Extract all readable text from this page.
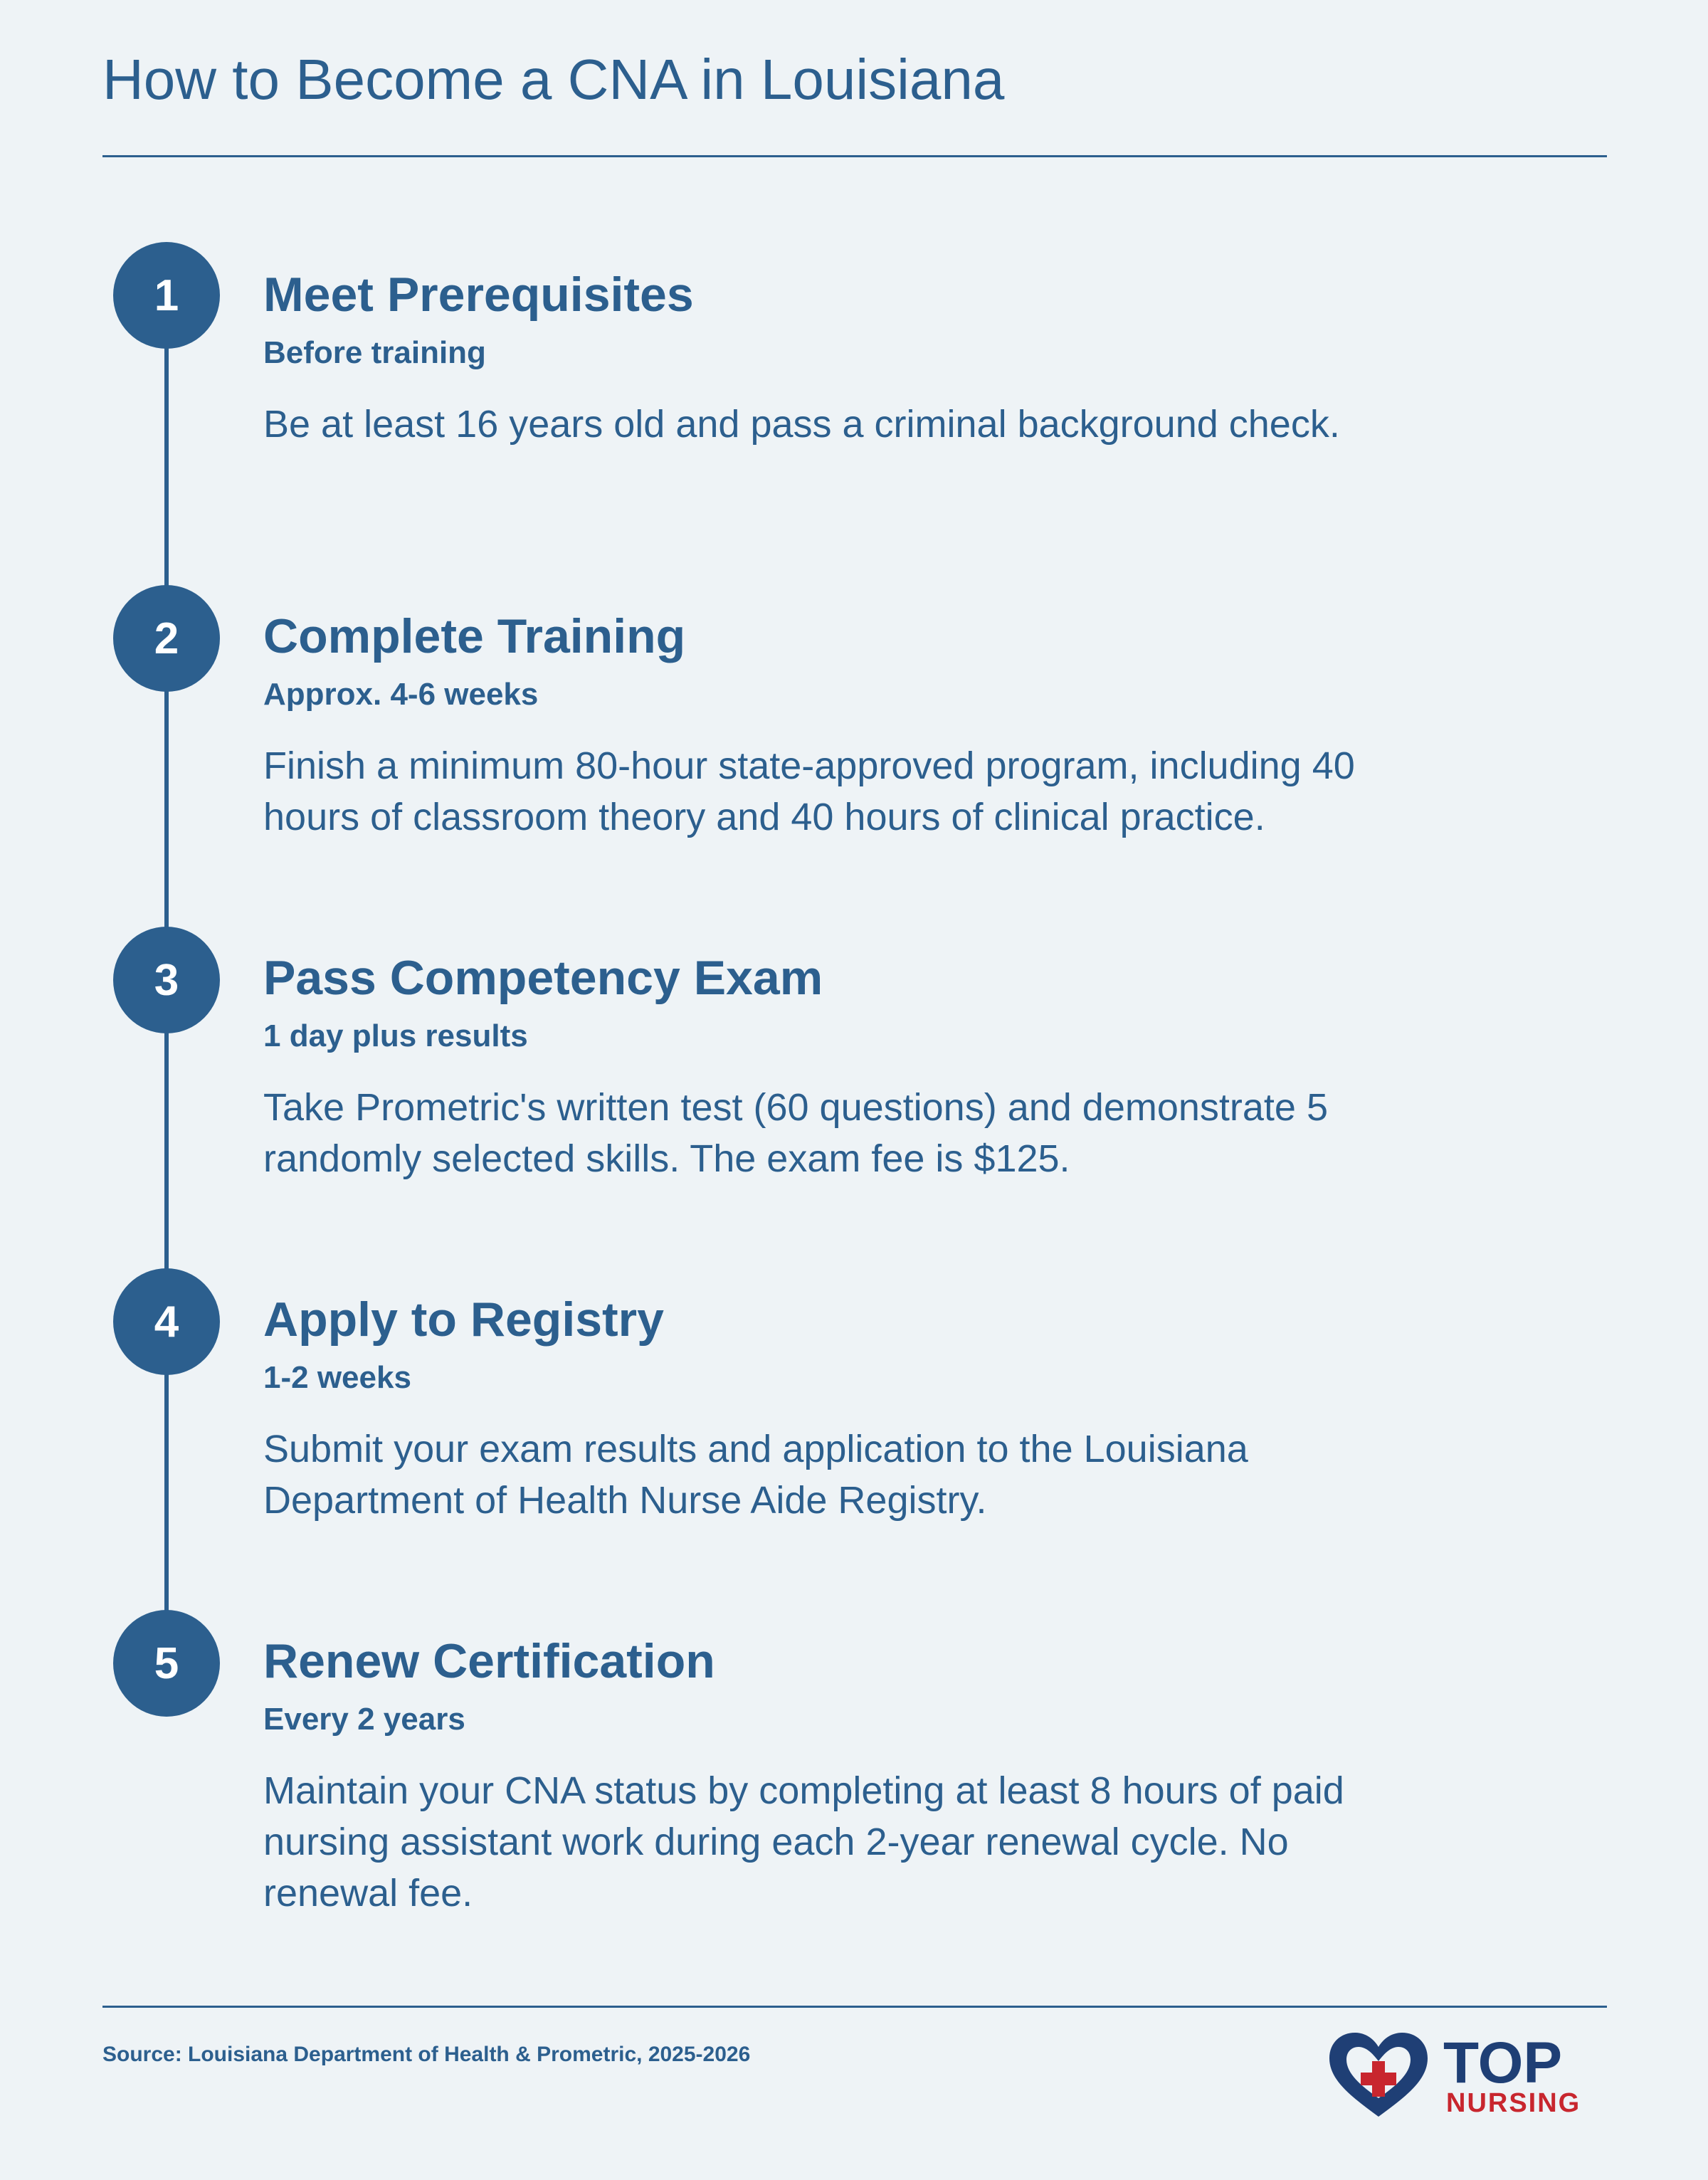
How to Become a CNA in Louisiana
1	Meet Prerequisites
Before training
Be at least 16 years old and pass a criminal background check.
2	Complete Training
Approx. 4-6 weeks
Finish a minimum 80-hour state-approved program, including 40 hours of classroom theory and 40 hours of clinical practice.
3	Pass Competency Exam
1 day plus results
Take Prometric's written test (60 questions) and demonstrate 5 randomly selected skills. The exam fee is $125.
4	Apply to Registry
1-2 weeks
Submit your exam results and application to the Louisiana Department of Health Nurse Aide Registry.
5	Renew Certification
Every 2 years
Maintain your CNA status by completing at least 8 hours of paid nursing assistant work during each 2-year renewal cycle. No renewal fee.
Source: Louisiana Department of Health & Prometric, 2025-2026	TOP
NURSING
